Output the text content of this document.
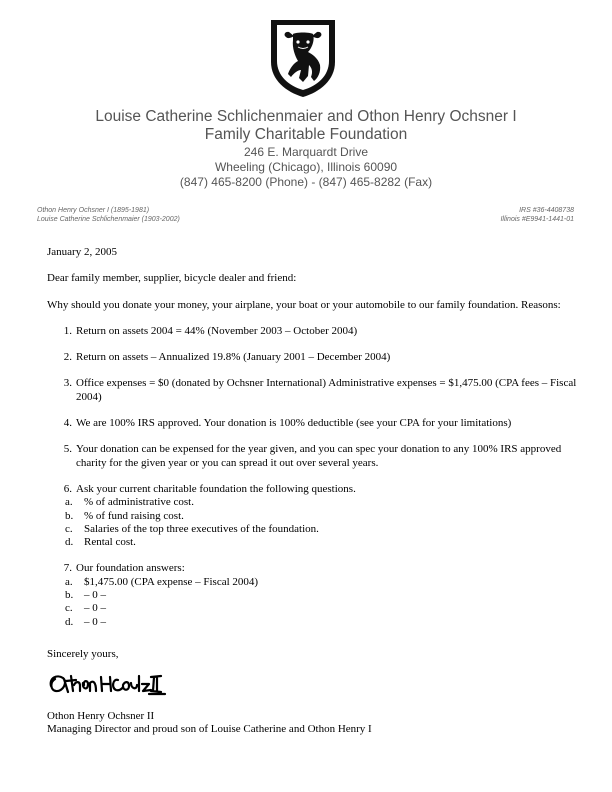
Louise Catherine Schlichenmaier and Othon Henry Ochsner I
Family Charitable Foundation
246 E. Marquardt Drive
Wheeling (Chicago), Illinois 60090
(847) 465-8200 (Phone) - (847) 465-8282 (Fax)
Othon Henry Ochsner I (1895-1981)
Louise Catherine Schlichenmaier (1903-2002)
IRS #36-4408738
Illinois #E9941-1441-01

January 2, 2005

Dear family member, supplier, bicycle dealer and friend:

Why should you donate your money, your airplane, your boat or your automobile to our family foundation. Reasons:

1. Return on assets 2004 = 44% (November 2003 – October 2004)
2. Return on assets – Annualized 19.8% (January 2001 – December 2004)
3. Office expenses = $0 (donated by Ochsner International) Administrative expenses = $1,475.00 (CPA fees – Fiscal 2004)
4. We are 100% IRS approved. Your donation is 100% deductible (see your CPA for your limitations)
5. Your donation can be expensed for the year given, and you can spec your donation to any 100% IRS approved charity for the given year or you can spread it out over several years.
6. Ask your current charitable foundation the following questions.
a.	% of administrative cost.
b. % of fund raising cost.
c.	Salaries of the top three executives of the foundation.
d. Rental cost.
7. Our foundation answers:
a.	$1,475.00 (CPA expense – Fiscal 2004)
b. – 0 –
c.	– 0 –
d. – 0 –

Sincerely yours,

Othon Henry Ochsner II

Managing Director and proud son of Louise Catherine and Othon Henry I
